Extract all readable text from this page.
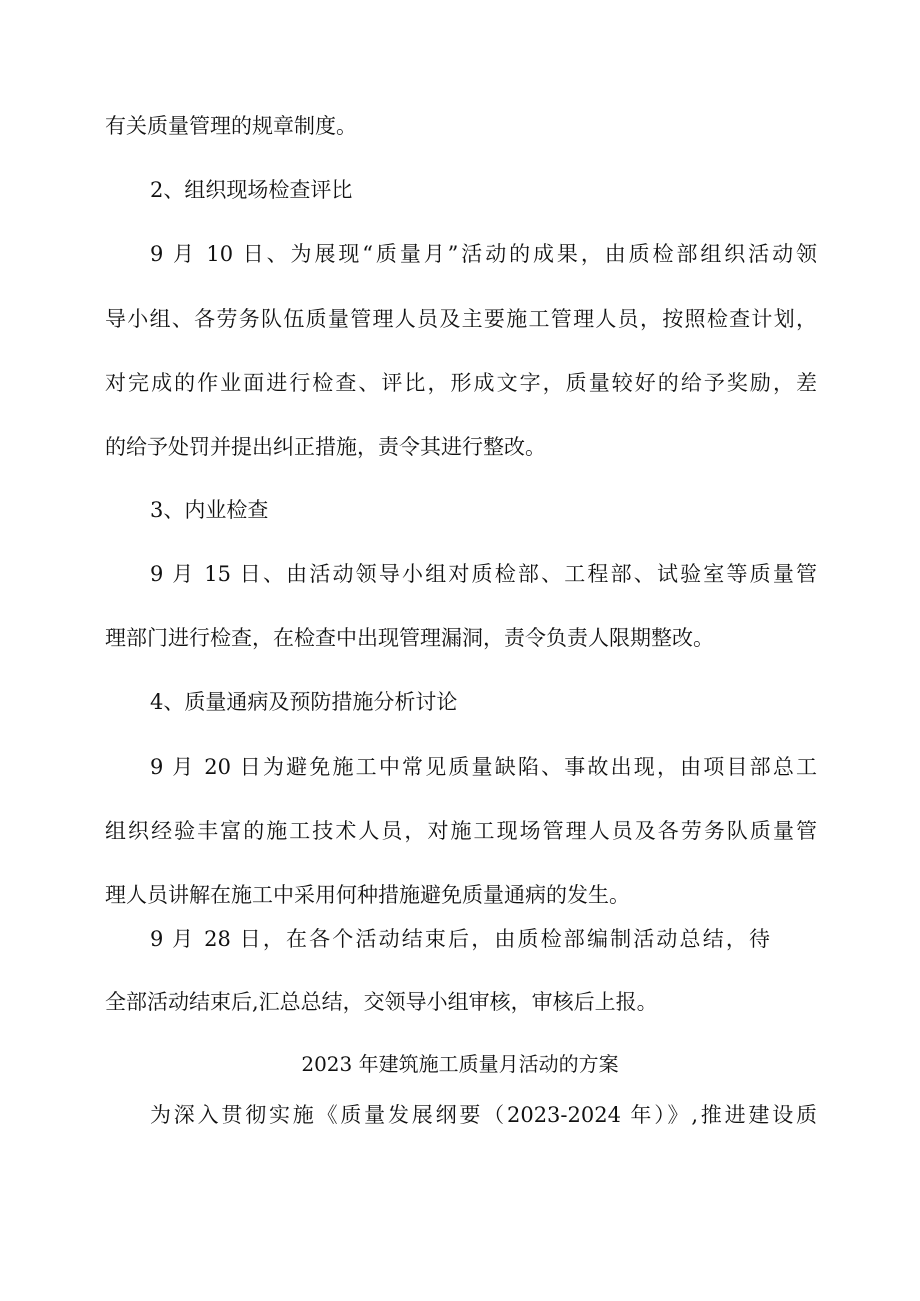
有关质量管理的规章制度。
2、组织现场检查评比
9 月 10 日、为展现“质量月”活动的成果，由质检部组织活动领
导小组、各劳务队伍质量管理人员及主要施工管理人员，按照检查计划，
对完成的作业面进行检查、评比，形成文字，质量较好的给予奖励，差
的给予处罚并提出纠正措施，责令其进行整改。
3、内业检查
9 月 15 日、由活动领导小组对质检部、工程部、试验室等质量管
理部门进行检查，在检查中出现管理漏洞，责令负责人限期整改。
4、质量通病及预防措施分析讨论
9 月 20 日为避免施工中常见质量缺陷、事故出现，由项目部总工
组织经验丰富的施工技术人员，对施工现场管理人员及各劳务队质量管
理人员讲解在施工中采用何种措施避免质量通病的发生。
9 月 28 日，在各个活动结束后，由质检部编制活动总结，待
全部活动结束后,汇总总结，交领导小组审核，审核后上报。
2023 年建筑施工质量月活动的方案
为深入贯彻实施《质量发展纲要（2023-2024 年）》,推进建设质
